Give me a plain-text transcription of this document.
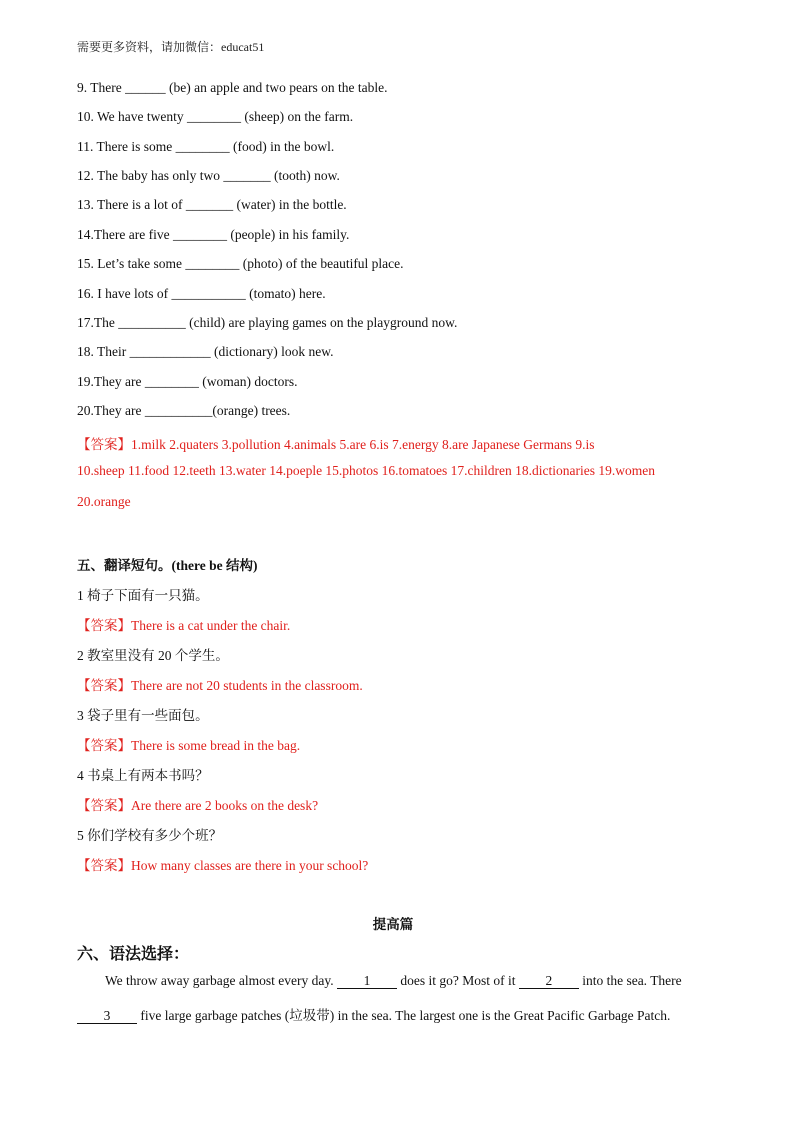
需要更多资料，请加微信：educat51
9. There ______ (be) an apple and two pears on the table.
10. We have twenty ________ (sheep) on the farm.
11. There is some ________ (food) in the bowl.
12. The baby has only two _______ (tooth) now.
13. There is a lot of _______ (water) in the bottle.
14.There are five ________ (people) in his family.
15. Let’s take some ________ (photo) of the beautiful place.
16. I have lots of ___________ (tomato) here.
17.The __________ (child) are playing games on the playground now.
18. Their ____________ (dictionary) look new.
19.They are ________ (woman) doctors.
20.They are __________(orange) trees.
【答案】1.milk 2.quaters 3.pollution 4.animals 5.are 6.is 7.energy 8.are Japanese Germans 9.is
10.sheep 11.food 12.teeth 13.water 14.poeple 15.photos 16.tomatoes 17.children 18.dictionaries 19.women
20.orange
五、翻译短句。(there be 结构)
1 椅子下面有一只猫。
【答案】There is a cat under the chair.
2 教室里没有 20 个学生。
【答案】There are not 20 students in the classroom.
3 袋子里有一些面包。
【答案】There is some bread in the bag.
4 书桌上有两本书吗？
【答案】Are there are 2 books on the desk?
5 你们学校有多少个班？
【答案】How many classes are there in your school?
提高篇
六、语法选择：
We throw away garbage almost every day. 1 does it go? Most of it 2 into the sea. There
3 five large garbage patches (垃圾带) in the sea. The largest one is the Great Pacific Garbage Patch.
